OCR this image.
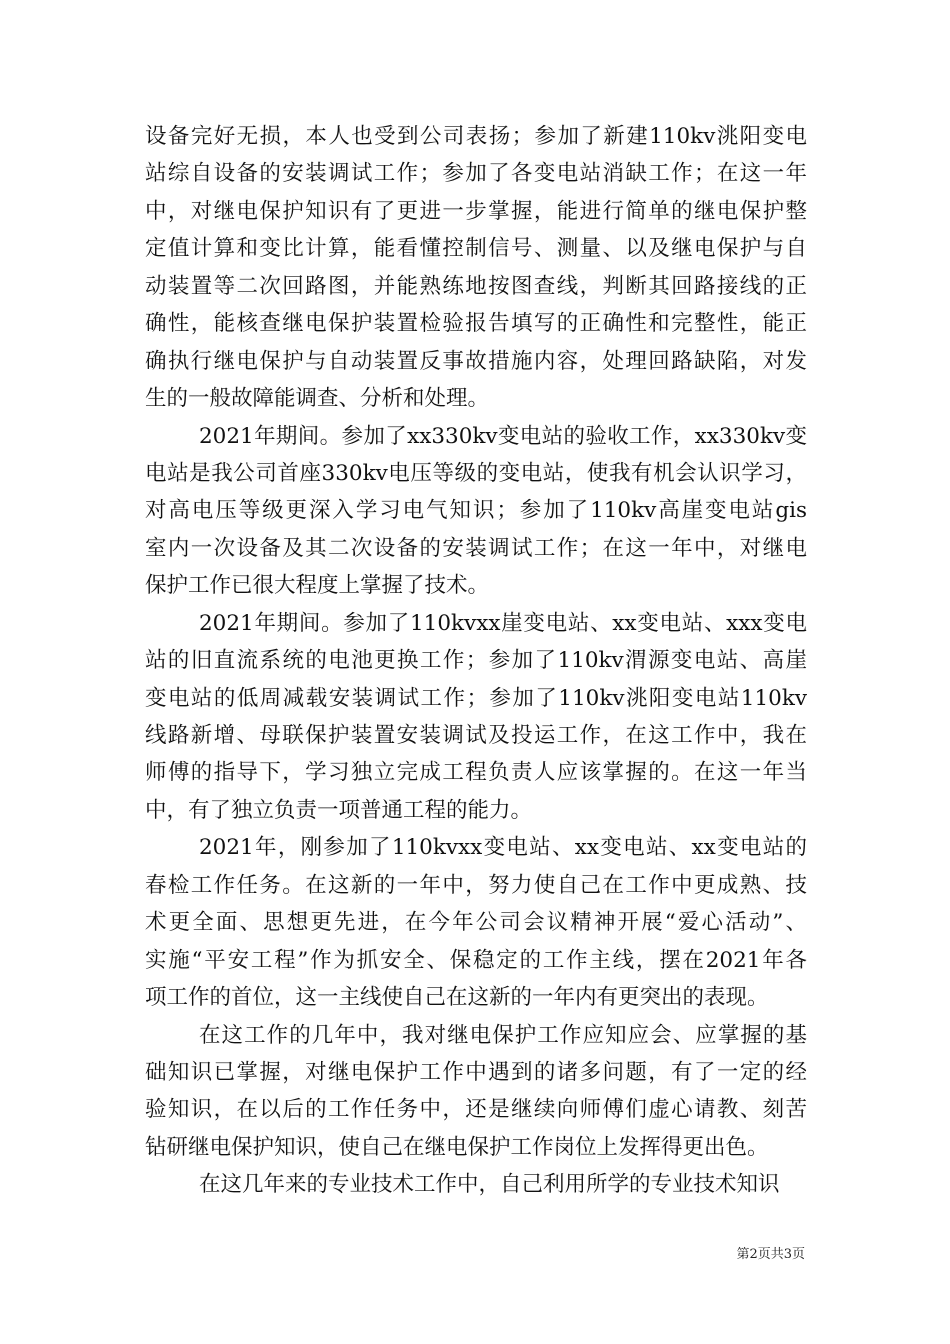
设备完好无损，本人也受到公司表扬；参加了新建110kv洮阳变电
站综自设备的安装调试工作；参加了各变电站消缺工作；在这一年
中，对继电保护知识有了更进一步掌握，能进行简单的继电保护整
定值计算和变比计算，能看懂控制信号、测量、以及继电保护与自
动装置等二次回路图，并能熟练地按图查线，判断其回路接线的正
确性，能核查继电保护装置检验报告填写的正确性和完整性，能正
确执行继电保护与自动装置反事故措施内容，处理回路缺陷，对发
生的一般故障能调查、分析和处理。
2021年期间。参加了xx330kv变电站的验收工作，xx330kv变
电站是我公司首座330kv电压等级的变电站，使我有机会认识学习，
对高电压等级更深入学习电气知识；参加了110kv高崖变电站gis
室内一次设备及其二次设备的安装调试工作；在这一年中，对继电
保护工作已很大程度上掌握了技术。
2021年期间。参加了110kvxx崖变电站、xx变电站、xxx变电
站的旧直流系统的电池更换工作；参加了110kv渭源变电站、高崖
变电站的低周减载安装调试工作；参加了110kv洮阳变电站110kv
线路新增、母联保护装置安装调试及投运工作，在这工作中，我在
师傅的指导下，学习独立完成工程负责人应该掌握的。在这一年当
中，有了独立负责一项普通工程的能力。
2021年，刚参加了110kvxx变电站、xx变电站、xx变电站的
春检工作任务。在这新的一年中，努力使自己在工作中更成熟、技
术更全面、思想更先进，在今年公司会议精神开展“爱心活动”、
实施“平安工程”作为抓安全、保稳定的工作主线，摆在2021年各
项工作的首位，这一主线使自己在这新的一年内有更突出的表现。
在这工作的几年中，我对继电保护工作应知应会、应掌握的基
础知识已掌握，对继电保护工作中遇到的诸多问题，有了一定的经
验知识，在以后的工作任务中，还是继续向师傅们虚心请教、刻苦
钻研继电保护知识，使自己在继电保护工作岗位上发挥得更出色。
在这几年来的专业技术工作中，自己利用所学的专业技术知识
第2页共3页
